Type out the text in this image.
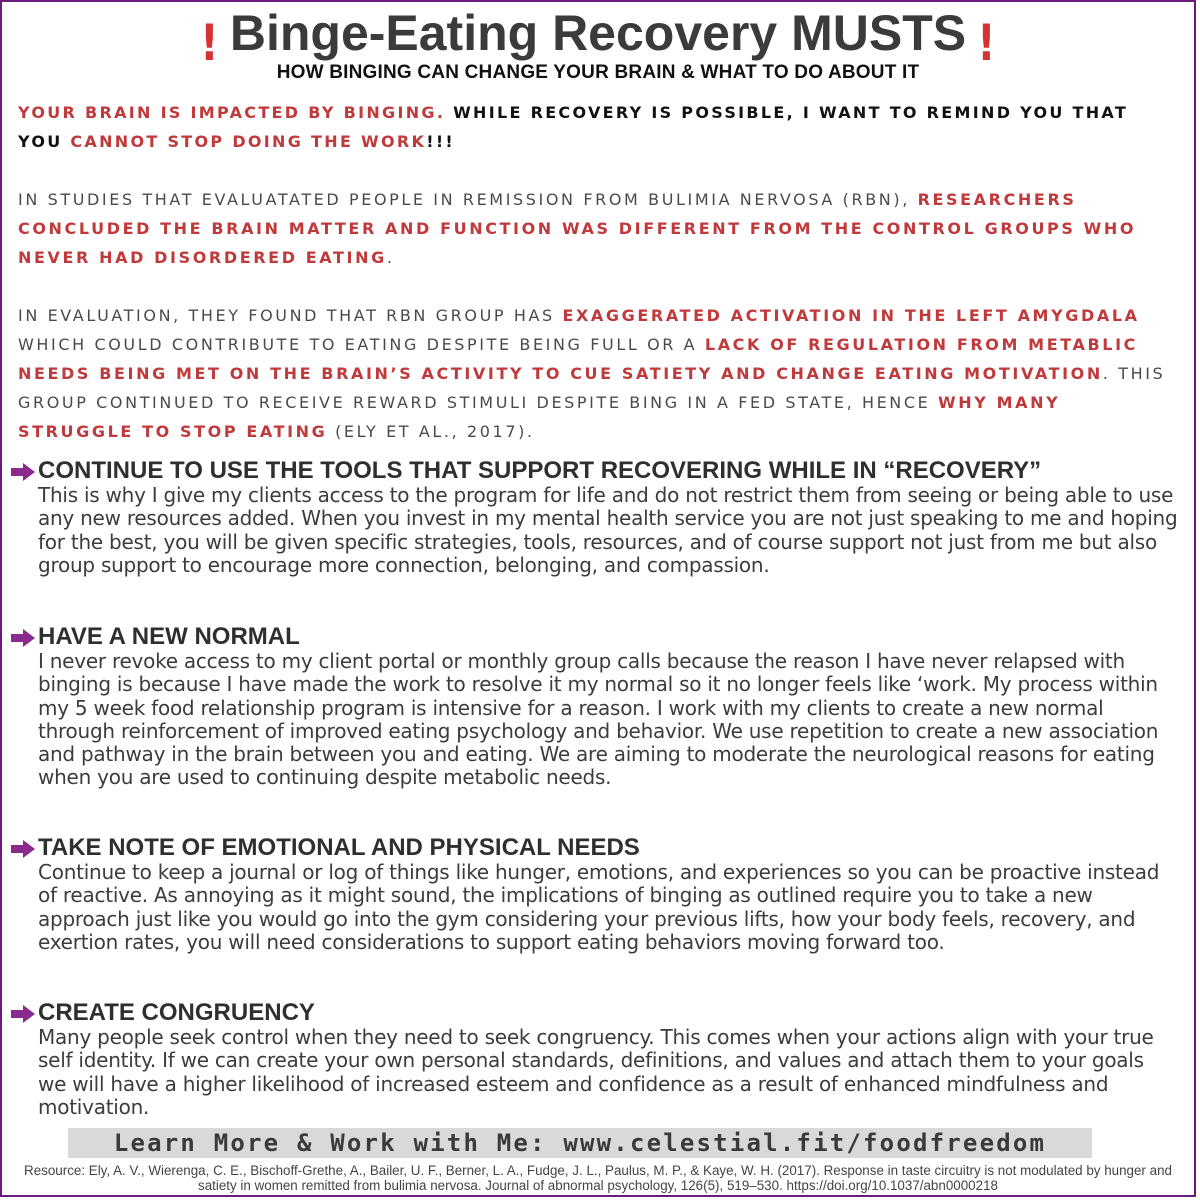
! Binge-Eating Recovery MUSTS !
HOW BINGING CAN CHANGE YOUR BRAIN & WHAT TO DO ABOUT IT

YOUR BRAIN IS IMPACTED BY BINGING. WHILE RECOVERY IS POSSIBLE, I WANT TO REMIND YOU THAT YOU CANNOT STOP DOING THE WORK!!!

IN STUDIES THAT EVALUATATED PEOPLE IN REMISSION FROM BULIMIA NERVOSA (RBN), RESEARCHERS CONCLUDED THE BRAIN MATTER AND FUNCTION WAS DIFFERENT FROM THE CONTROL GROUPS WHO NEVER HAD DISORDERED EATING.

IN EVALUATION, THEY FOUND THAT RBN GROUP HAS EXAGGERATED ACTIVATION IN THE LEFT AMYGDALA WHICH COULD CONTRIBUTE TO EATING DESPITE BEING FULL OR A LACK OF REGULATION FROM METABLIC NEEDS BEING MET ON THE BRAIN’S ACTIVITY TO CUE SATIETY AND CHANGE EATING MOTIVATION. THIS GROUP CONTINUED TO RECEIVE REWARD STIMULI DESPITE BING IN A FED STATE, HENCE WHY MANY STRUGGLE TO STOP EATING (ELY ET AL., 2017).

CONTINUE TO USE THE TOOLS THAT SUPPORT RECOVERING WHILE IN “RECOVERY”

This is why I give my clients access to the program for life and do not restrict them from seeing or being able to use any new resources added. When you invest in my mental health service you are not just speaking to me and hoping for the best, you will be given specific strategies, tools, resources, and of course support not just from me but also group support to encourage more connection, belonging, and compassion.

HAVE A NEW NORMAL

I never revoke access to my client portal or monthly group calls because the reason I have never relapsed with binging is because I have made the work to resolve it my normal so it no longer feels like ‘work. My process within my 5 week food relationship program is intensive for a reason. I work with my clients to create a new normal through reinforcement of improved eating psychology and behavior. We use repetition to create a new association and pathway in the brain between you and eating. We are aiming to moderate the neurological reasons for eating when you are used to continuing despite metabolic needs.

TAKE NOTE OF EMOTIONAL AND PHYSICAL NEEDS

Continue to keep a journal or log of things like hunger, emotions, and experiences so you can be proactive instead of reactive. As annoying as it might sound, the implications of binging as outlined require you to take a new approach just like you would go into the gym considering your previous lifts, how your body feels, recovery, and exertion rates, you will need considerations to support eating behaviors moving forward too.

CREATE CONGRUENCY

Many people seek control when they need to seek congruency. This comes when your actions align with your true self identity. If we can create your own personal standards, definitions, and values and attach them to your goals we will have a higher likelihood of increased esteem and confidence as a result of enhanced mindfulness and motivation.

Learn More & Work with Me: www.celestial.fit/foodfreedom
Resource: Ely, A. V., Wierenga, C. E., Bischoff-Grethe, A., Bailer, U. F., Berner, L. A., Fudge, J. L., Paulus, M. P., & Kaye, W. H. (2017). Response in taste circuitry is not modulated by hunger and satiety in women remitted from bulimia nervosa. Journal of abnormal psychology, 126(5), 519–530. https://doi.org/10.1037/abn0000218
